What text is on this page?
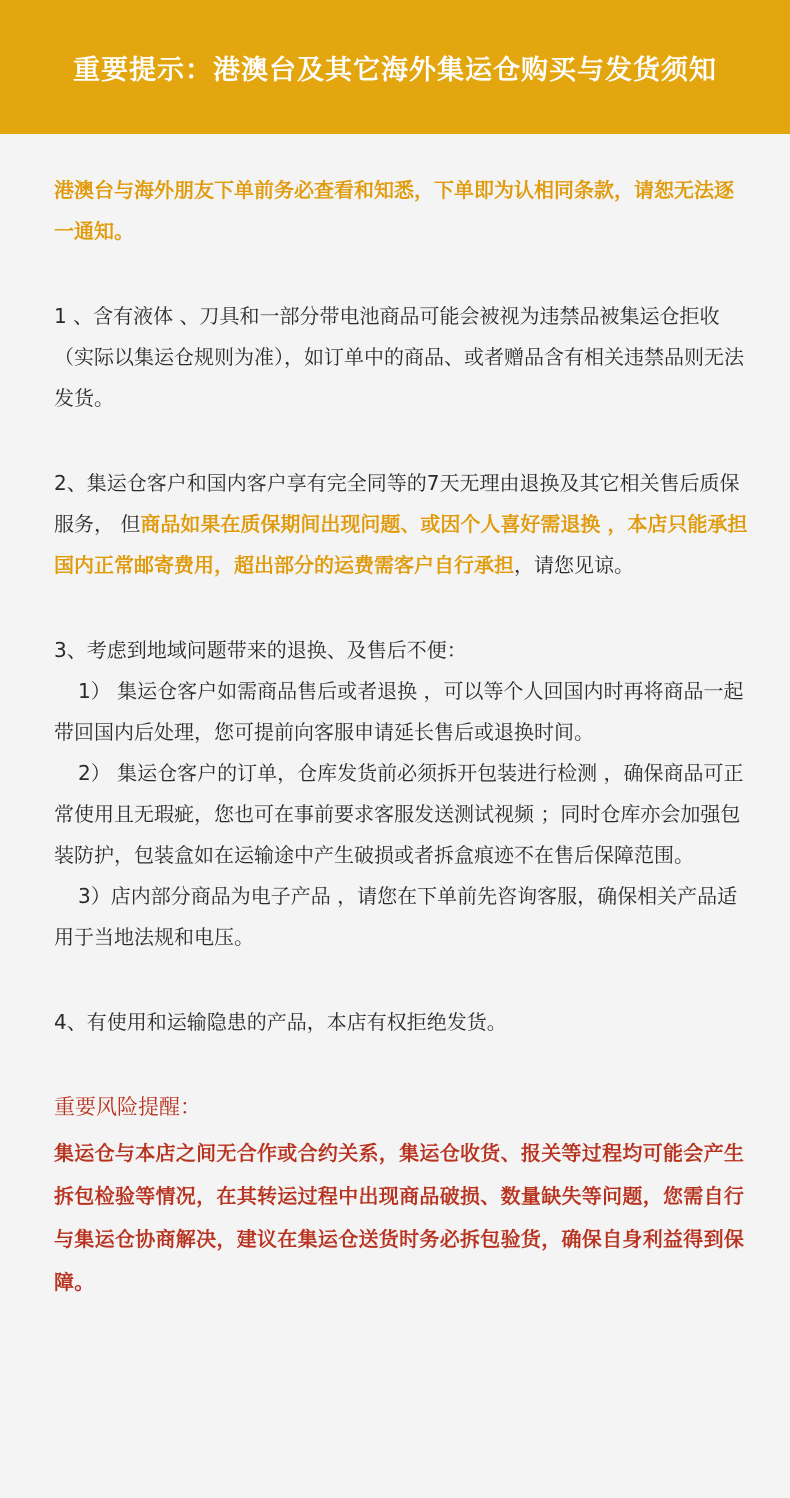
重要提示：港澳台及其它海外集运仓购买与发货须知

港澳台与海外朋友下单前务必查看和知悉，下单即为认相同条款，请恕无法逐一通知。

1 、含有液体 、刀具和一部分带电池商品可能会被视为违禁品被集运仓拒收（实际以集运仓规则为准），如订单中的商品、或者赠品含有相关违禁品则无法发货。

2、集运仓客户和国内客户享有完全同等的7天无理由退换及其它相关售后质保服务， 但商品如果在质保期间出现问题、或因个人喜好需退换 ，本店只能承担国内正常邮寄费用，超出部分的运费需客户自行承担，请您见谅。

3、考虑到地域问题带来的退换、及售后不便：
1） 集运仓客户如需商品售后或者退换 ，可以等个人回国内时再将商品一起带回国内后处理，您可提前向客服申请延长售后或退换时间。
2） 集运仓客户的订单，仓库发货前必须拆开包装进行检测 ，确保商品可正常使用且无瑕疵，您也可在事前要求客服发送测试视频 ；同时仓库亦会加强包装防护，包装盒如在运输途中产生破损或者拆盒痕迹不在售后保障范围。
3）店内部分商品为电子产品 ，请您在下单前先咨询客服，确保相关产品适用于当地法规和电压。

4、有使用和运输隐患的产品，本店有权拒绝发货。

重要风险提醒：

集运仓与本店之间无合作或合约关系，集运仓收货、报关等过程均可能会产生拆包检验等情况，在其转运过程中出现商品破损、数量缺失等问题，您需自行与集运仓协商解决，建议在集运仓送货时务必拆包验货，确保自身利益得到保障。
